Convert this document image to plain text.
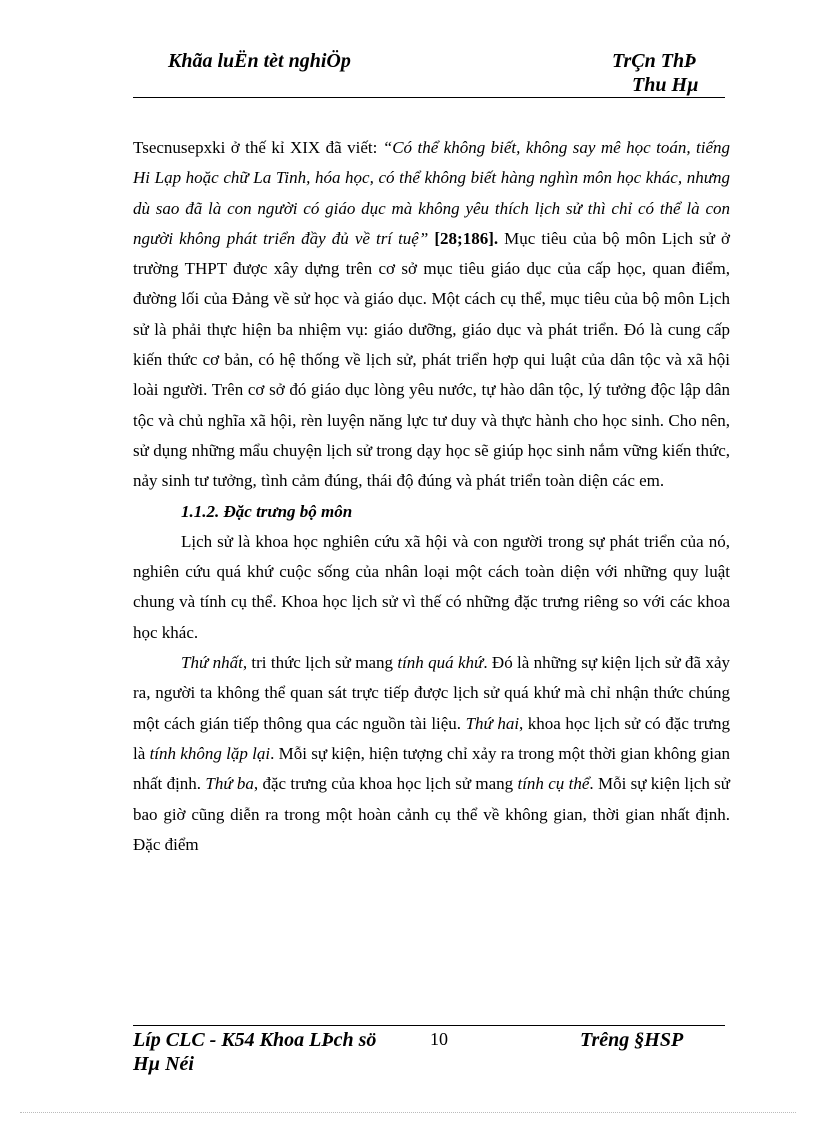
Khãa luËn tèt nghiÖp	TrÇn ThÞ
Thu Hµ

Tsecnusepxki ở thế kỉ XIX đã viết: “Có thể không biết, không say mê học toán, tiếng Hi Lạp hoặc chữ La Tinh, hóa học, có thể không biết hàng nghìn môn học khác, nhưng dù sao đã là con người có giáo dục mà không yêu thích lịch sử thì chỉ có thể là con người không phát triển đầy đủ về trí tuệ” [28;186]. Mục tiêu của bộ môn Lịch sử ở trường THPT được xây dựng trên cơ sở mục tiêu giáo dục của cấp học, quan điểm, đường lối của Đảng về sử học và giáo dục. Một cách cụ thể, mục tiêu của bộ môn Lịch sử là phải thực hiện ba nhiệm vụ: giáo dưỡng, giáo dục và phát triển. Đó là cung cấp kiến thức cơ bản, có hệ thống về lịch sử, phát triển hợp qui luật của dân tộc và xã hội loài người. Trên cơ sở đó giáo dục lòng yêu nước, tự hào dân tộc, lý tưởng độc lập dân tộc và chủ nghĩa xã hội, rèn luyện năng lực tư duy và thực hành cho học sinh. Cho nên, sử dụng những mẩu chuyện lịch sử trong dạy học sẽ giúp học sinh nắm vững kiến thức, nảy sinh tư tưởng, tình cảm đúng, thái độ đúng và phát triển toàn diện các em.

1.1.2. Đặc trưng bộ môn

Lịch sử là khoa học nghiên cứu xã hội và con người trong sự phát triển của nó, nghiên cứu quá khứ cuộc sống của nhân loại một cách toàn diện với những quy luật chung và tính cụ thể. Khoa học lịch sử vì thế có những đặc trưng riêng so với các khoa học khác.

Thứ nhất, tri thức lịch sử mang tính quá khứ. Đó là những sự kiện lịch sử đã xảy ra, người ta không thể quan sát trực tiếp được lịch sử quá khứ mà chỉ nhận thức chúng một cách gián tiếp thông qua các nguồn tài liệu. Thứ hai, khoa học lịch sử có đặc trưng là tính không lặp lại. Mỗi sự kiện, hiện tượng chỉ xảy ra trong một thời gian không gian nhất định. Thứ ba, đặc trưng của khoa học lịch sử mang tính cụ thể. Mỗi sự kiện lịch sử bao giờ cũng diễn ra trong một hoàn cảnh cụ thể về không gian, thời gian nhất định. Đặc điểm

Líp CLC - K54 Khoa LÞch sö	10	Trêng §HSP
Hµ Néi
